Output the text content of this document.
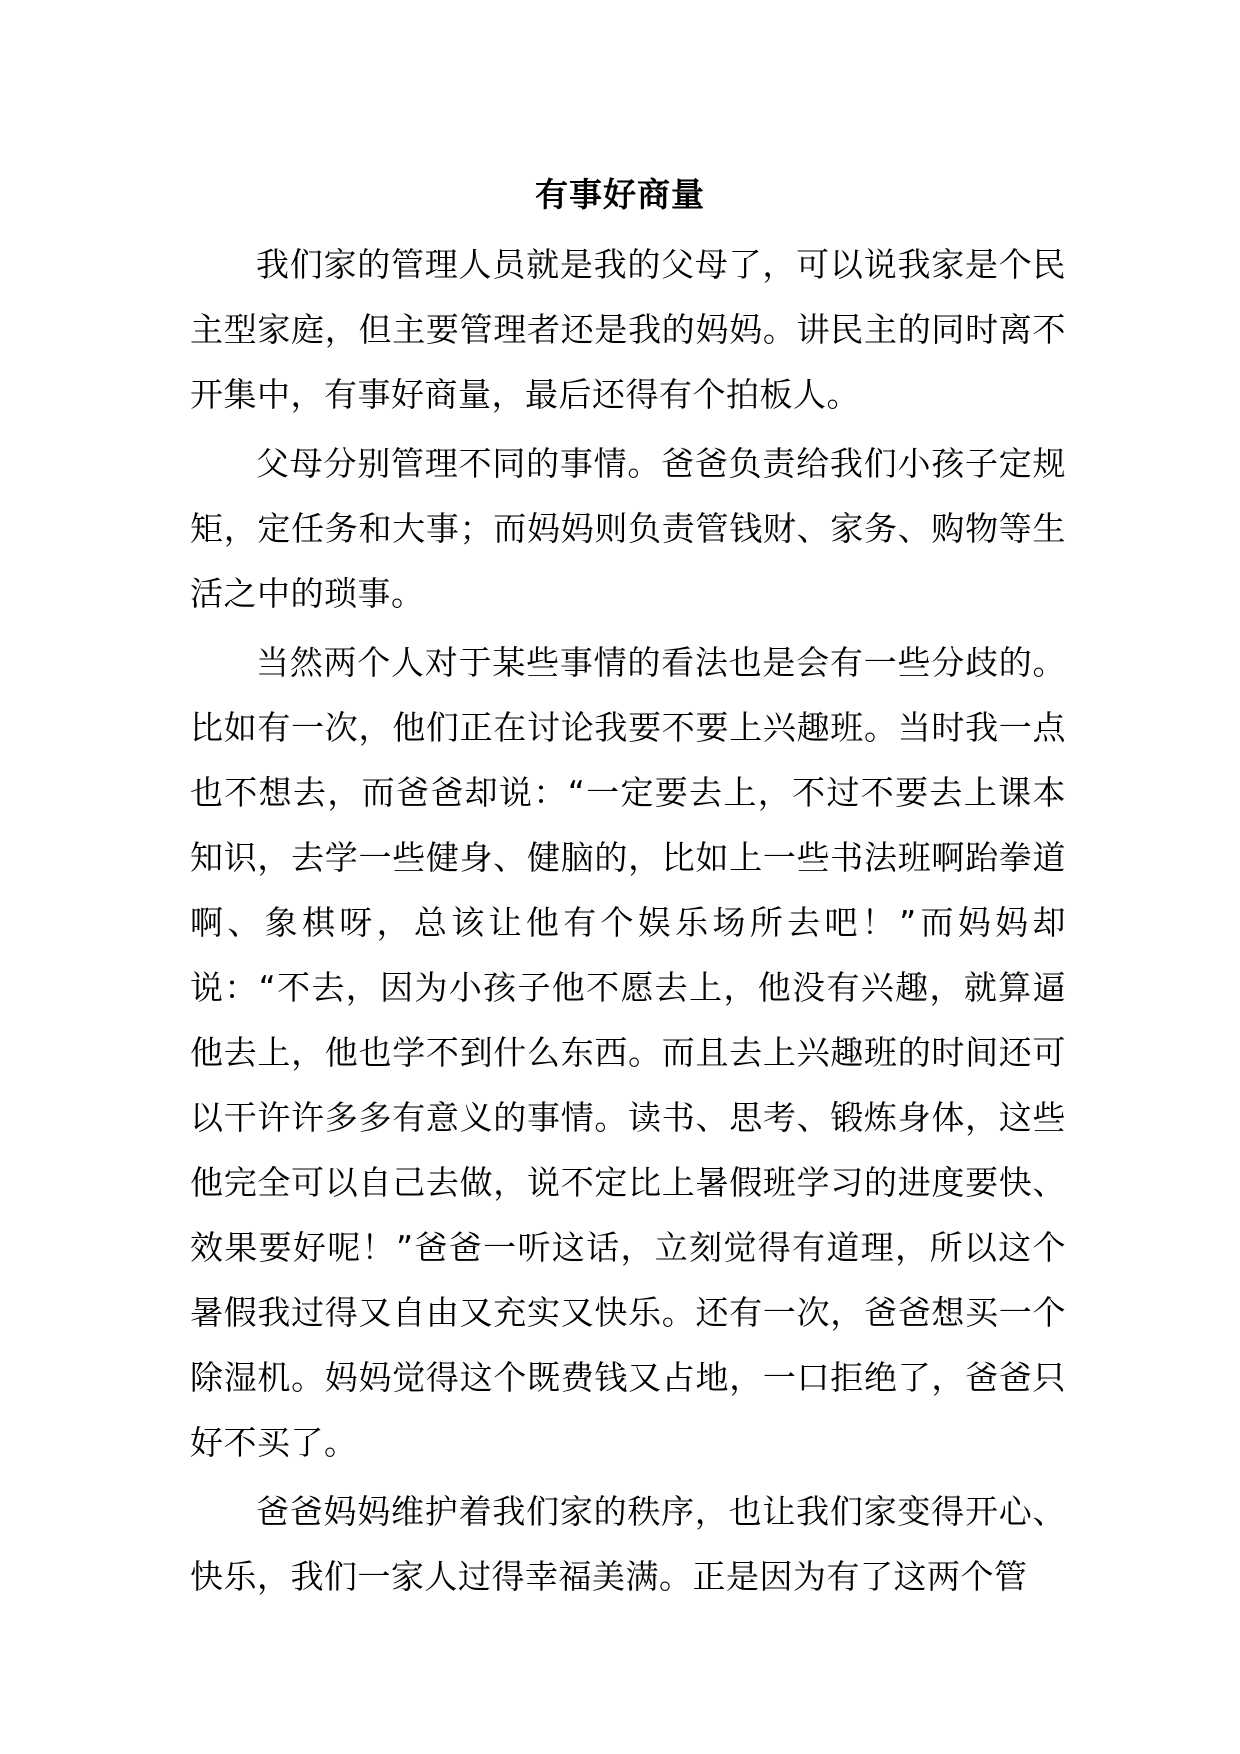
有事好商量

我们家的管理人员就是我的父母了，可以说我家是个民主型家庭，但主要管理者还是我的妈妈。讲民主的同时离不开集中，有事好商量，最后还得有个拍板人。

父母分别管理不同的事情。爸爸负责给我们小孩子定规矩，定任务和大事；而妈妈则负责管钱财、家务、购物等生活之中的琐事。

当然两个人对于某些事情的看法也是会有一些分歧的。比如有一次，他们正在讨论我要不要上兴趣班。当时我一点也不想去，而爸爸却说：“一定要去上，不过不要去上课本知识，去学一些健身、健脑的，比如上一些书法班啊跆拳道啊、象棋呀，总该让他有个娱乐场所去吧！”而妈妈却说：“不去，因为小孩子他不愿去上，他没有兴趣，就算逼他去上，他也学不到什么东西。而且去上兴趣班的时间还可以干许许多多有意义的事情。读书、思考、锻炼身体，这些他完全可以自己去做，说不定比上暑假班学习的进度要快、效果要好呢！”爸爸一听这话，立刻觉得有道理，所以这个暑假我过得又自由又充实又快乐。还有一次，爸爸想买一个除湿机。妈妈觉得这个既费钱又占地，一口拒绝了，爸爸只好不买了。

爸爸妈妈维护着我们家的秩序，也让我们家变得开心、快乐，我们一家人过得幸福美满。正是因为有了这两个管
